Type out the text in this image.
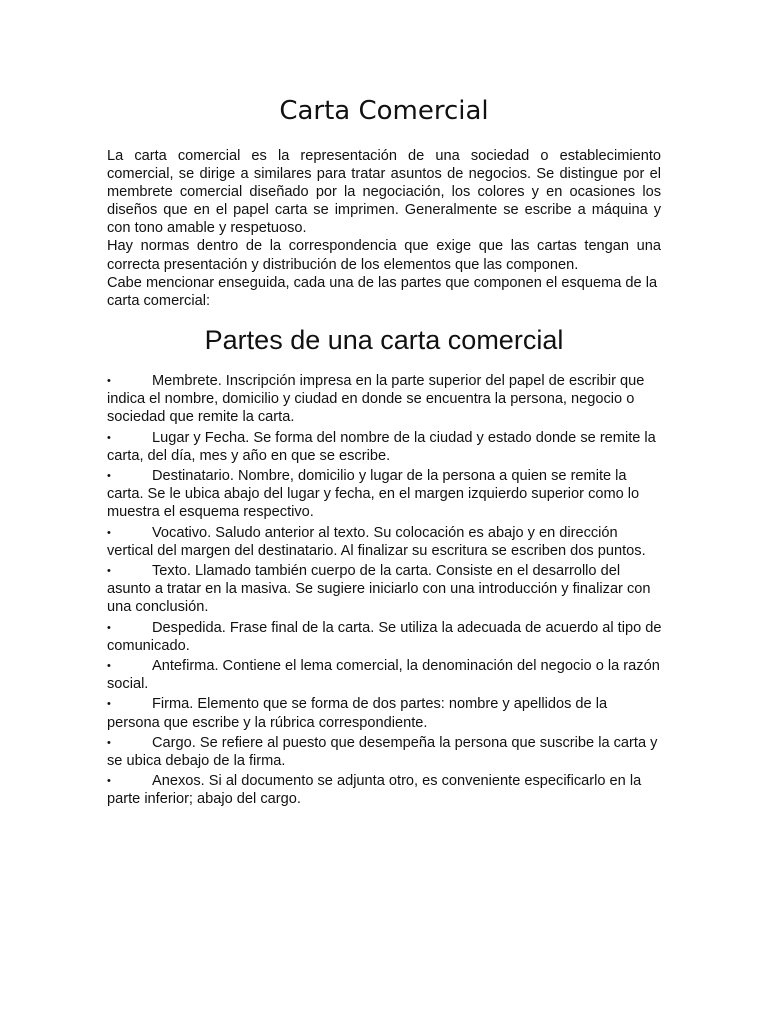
Carta Comercial

La carta comercial es la representación de una sociedad o establecimiento comercial, se dirige a similares para tratar asuntos de negocios. Se distingue por el membrete comercial diseñado por la negociación, los colores y en ocasiones los diseños que en el papel carta se imprimen. Generalmente se escribe a máquina y con tono amable y respetuoso.

Hay normas dentro de la correspondencia que exige que las cartas tengan una correcta presentación y distribución de los elementos que las componen.

Cabe mencionar enseguida, cada una de las partes que componen el esquema de la carta comercial:

Partes de una carta comercial
•	Membrete. Inscripción impresa en la parte superior del papel de escribir que indica el nombre, domicilio y ciudad en donde se encuentra la persona, negocio o sociedad que remite la carta.
•	Lugar y Fecha. Se forma del nombre de la ciudad y estado donde se remite la carta, del día, mes y año en que se escribe.
•	Destinatario. Nombre, domicilio y lugar de la persona a quien se remite la carta. Se le ubica abajo del lugar y fecha, en el margen izquierdo superior como lo muestra el esquema respectivo.
•	Vocativo. Saludo anterior al texto. Su colocación es abajo y en dirección vertical del margen del destinatario. Al finalizar su escritura se escriben dos puntos.
•	Texto. Llamado también cuerpo de la carta. Consiste en el desarrollo del asunto a tratar en la masiva. Se sugiere iniciarlo con una introducción y finalizar con una conclusión.
•	Despedida. Frase final de la carta. Se utiliza la adecuada de acuerdo al tipo de comunicado.
•	Antefirma. Contiene el lema comercial, la denominación del negocio o la razón social.
•	Firma. Elemento que se forma de dos partes: nombre y apellidos de la persona que escribe y la rúbrica correspondiente.
•	Cargo. Se refiere al puesto que desempeña la persona que suscribe la carta y se ubica debajo de la firma.
•	Anexos. Si al documento se adjunta otro, es conveniente especificarlo en la parte inferior; abajo del cargo.
